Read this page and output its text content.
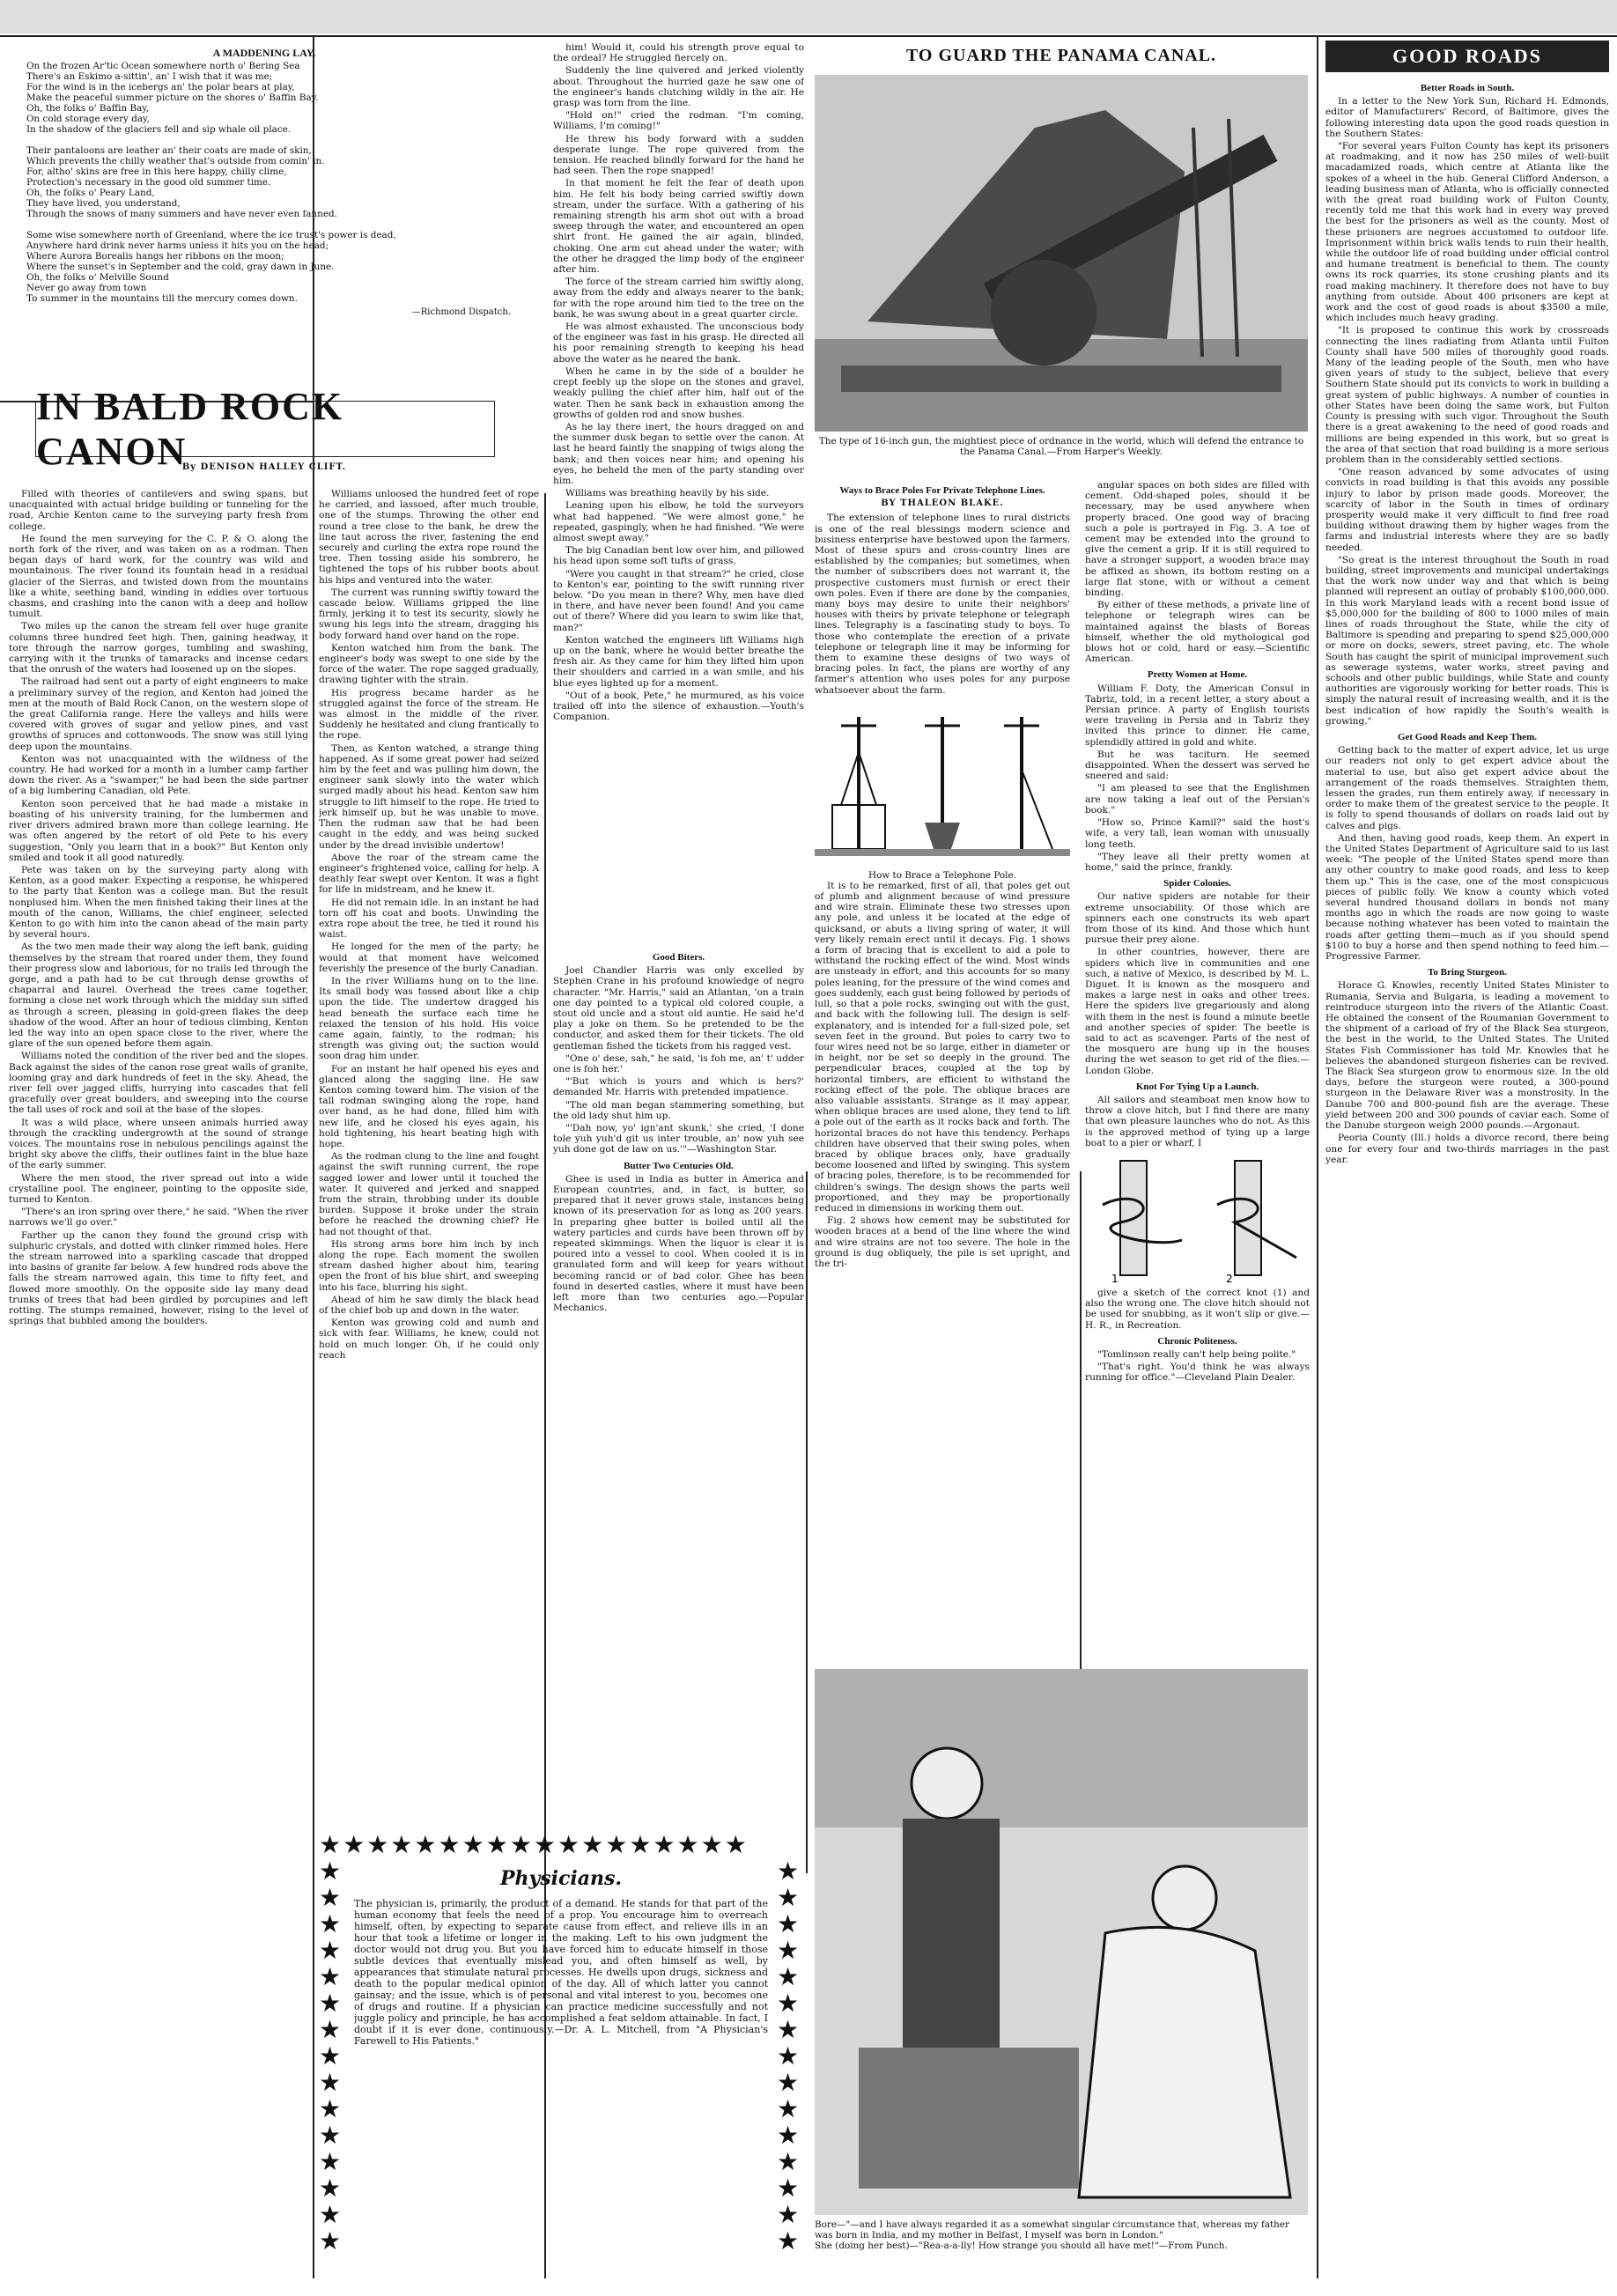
A MADDENING LAY.
On the frozen Ar'tic Ocean somewhere north o' Bering Sea
There's an Eskimo a-sittin', an' I wish that it was me;
For the wind is in the icebergs an' the polar bears at play,
Make the peaceful summer picture on the shores o' Baffin Bay.
Oh, the folks o' Baffin Bay,
On cold storage every day,
In the shadow of the glaciers fell and sip whale oil place.

Their pantaloons are leather an' their coats are made of skin,
Which prevents the chilly weather that's outside from comin' in.
For, altho' skins are free in this here happy, chilly clime,
Protection's necessary in the good old summer time.
Oh, the folks o' Peary Land,
They have lived, you understand,
Through the snows of many summers and have never even fanned.

Some wise somewhere north of Greenland, where the ice trust's power is dead,
Anywhere hard drink never harms unless it hits you on the head;
Where Aurora Borealis hangs her ribbons on the moon;
Where the sunset's in September and the cold, gray dawn in June.
Oh, the folks o' Melville Sound
Never go away from town
To summer in the mountains till the mercury comes down.
—Richmond Dispatch.
IN BALD ROCK CANON
By DENISON HALLEY CLIFT.

Filled with theories of cantilevers and swing spans, but unacquainted with actual bridge building or tunneling for the road, Archie Kenton came to the surveying party fresh from college.

He found the men surveying for the C. P. & O. along the north fork of the river, and was taken on as a rodman. Then began days of hard work, for the country was wild and mountainous. The river found its fountain head in a residual glacier of the Sierras, and twisted down from the mountains like a white, seething band, winding in eddies over tortuous chasms, and crashing into the canon with a deep and hollow tumult.

Two miles up the canon the stream fell over huge granite columns three hundred feet high. Then, gaining headway, it tore through the narrow gorges, tumbling and swashing, carrying with it the trunks of tamaracks and incense cedars that the onrush of the waters had loosened up on the slopes.

The railroad had sent out a party of eight engineers to make a preliminary survey of the region, and Kenton had joined the men at the mouth of Bald Rock Canon, on the western slope of the great California range. Here the valleys and hills were covered with groves of sugar and yellow pines, and vast growths of spruces and cottonwoods. The snow was still lying deep upon the mountains.

Kenton was not unacquainted with the wildness of the country. He had worked for a month in a lumber camp farther down the river. As a "swamper," he had been the side partner of a big lumbering Canadian, old Pete.

Kenton soon perceived that he had made a mistake in boasting of his university training, for the lumbermen and river drivers admired brawn more than college learning. He was often angered by the retort of old Pete to his every suggestion, "Only you learn that in a book?" But Kenton only smiled and took it all good naturedly.

Pete was taken on by the surveying party along with Kenton, as a good maker. Expecting a response, he whispered to the party that Kenton was a college man. But the result nonplused him. When the men finished taking their lines at the mouth of the canon, Williams, the chief engineer, selected Kenton to go with him into the canon ahead of the main party by several hours.

As the two men made their way along the left bank, guiding themselves by the stream that roared under them, they found their progress slow and laborious, for no trails led through the gorge, and a path had to be cut through dense growths of chaparral and laurel. Overhead the trees came together, forming a close net work through which the midday sun sifted as through a screen, pleasing in gold-green flakes the deep shadow of the wood. After an hour of tedious climbing, Kenton led the way into an open space close to the river, where the glare of the sun opened before them again.

Williams noted the condition of the river bed and the slopes. Back against the sides of the canon rose great walls of granite, looming gray and dark hundreds of feet in the sky. Ahead, the river fell over jagged cliffs, hurrying into cascades that fell gracefully over great boulders, and sweeping into the course the tall uses of rock and soil at the base of the slopes.

It was a wild place, where unseen animals hurried away through the crackling undergrowth at the sound of strange voices. The mountains rose in nebulous pencilings against the bright sky above the cliffs, their outlines faint in the blue haze of the early summer.

Where the men stood, the river spread out into a wide crystalline pool. The engineer, pointing to the opposite side, turned to Kenton.

"There's an iron spring over there," he said. "When the river narrows we'll go over."

Farther up the canon they found the ground crisp with sulphuric crystals, and dotted with clinker rimmed holes. Here the stream narrowed into a sparkling cascade that dropped into basins of granite far below. A few hundred rods above the falls the stream narrowed again, this time to fifty feet, and flowed more smoothly. On the opposite side lay many dead trunks of trees that had been girdled by porcupines and left rotting. The stumps remained, however, rising to the level of springs that bubbled among the boulders.

Williams unloosed the hundred feet of rope he carried, and lassoed, after much trouble, one of the stumps. Throwing the other end round a tree close to the bank, he drew the line taut across the river, fastening the end securely and curling the extra rope round the tree. Then tossing aside his sombrero, he tightened the tops of his rubber boots about his hips and ventured into the water.

The current was running swiftly toward the cascade below. Williams gripped the line firmly, jerking it to test its security, slowly he swung his legs into the stream, dragging his body forward hand over hand on the rope.

Kenton watched him from the bank. The engineer's body was swept to one side by the force of the water. The rope sagged gradually, drawing tighter with the strain.

His progress became harder as he struggled against the force of the stream. He was almost in the middle of the river. Suddenly he hesitated and clung frantically to the rope.

Then, as Kenton watched, a strange thing happened. As if some great power had seized him by the feet and was pulling him down, the engineer sank slowly into the water which surged madly about his head. Kenton saw him struggle to lift himself to the rope. He tried to jerk himself up, but he was unable to move. Then the rodman saw that he had been caught in the eddy, and was being sucked under by the dread invisible undertow!

Above the roar of the stream came the engineer's frightened voice, calling for help. A deathly fear swept over Kenton. It was a fight for life in midstream, and he knew it.

He did not remain idle. In an instant he had torn off his coat and boots. Unwinding the extra rope about the tree, he tied it round his waist.

He longed for the men of the party; he would at that moment have welcomed feverishly the presence of the burly Canadian.

In the river Williams hung on to the line. Its small body was tossed about like a chip upon the tide. The undertow dragged his head beneath the surface each time he relaxed the tension of his hold. His voice came again, faintly, to the rodman; his strength was giving out; the suction would soon drag him under.

For an instant he half opened his eyes and glanced along the sagging line. He saw Kenton coming toward him. The vision of the tall rodman swinging along the rope, hand over hand, as he had done, filled him with new life, and he closed his eyes again, his hold tightening, his heart beating high with hope.

As the rodman clung to the line and fought against the swift running current, the rope sagged lower and lower until it touched the water. It quivered and jerked and snapped from the strain, throbbing under its double burden. Suppose it broke under the strain before he reached the drowning chief? He had not thought of that.

His strong arms bore him inch by inch along the rope. Each moment the swollen stream dashed higher about him, tearing open the front of his blue shirt, and sweeping into his face, blurring his sight.

Ahead of him he saw dimly the black head of the chief bob up and down in the water.

Kenton was growing cold and numb and sick with fear. Williams, he knew, could not hold on much longer. Oh, if he could only reach

him! Would it, could his strength prove equal to the ordeal? He struggled fiercely on.

Suddenly the line quivered and jerked violently about. Throughout the hurried gaze he saw one of the engineer's hands clutching wildly in the air. He grasp was torn from the line.

"Hold on!" cried the rodman. "I'm coming, Williams, I'm coming!"

He threw his body forward with a sudden desperate lunge. The rope quivered from the tension. He reached blindly forward for the hand he had seen. Then the rope snapped!

In that moment he felt the fear of death upon him. He felt his body being carried swiftly down stream, under the surface. With a gathering of his remaining strength his arm shot out with a broad sweep through the water, and encountered an open shirt front. He gained the air again, blinded, choking. One arm cut ahead under the water; with the other he dragged the limp body of the engineer after him.

The force of the stream carried him swiftly along, away from the eddy and always nearer to the bank; for with the rope around him tied to the tree on the bank, he was swung about in a great quarter circle.

He was almost exhausted. The unconscious body of the engineer was fast in his grasp. He directed all his poor remaining strength to keeping his head above the water as he neared the bank.

When he came in by the side of a boulder he crept feebly up the slope on the stones and gravel, weakly pulling the chief after him, half out of the water. Then he sank back in exhaustion among the growths of golden rod and snow bushes.

As he lay there inert, the hours dragged on and the summer dusk began to settle over the canon. At last he heard faintly the snapping of twigs along the bank; and then voices near him; and opening his eyes, he beheld the men of the party standing over him.

Williams was breathing heavily by his side.

Leaning upon his elbow, he told the surveyors what had happened. "We were almost gone," he repeated, gaspingly, when he had finished. "We were almost swept away."

The big Canadian bent low over him, and pillowed his head upon some soft tufts of grass.

"Were you caught in that stream?" he cried, close to Kenton's ear, pointing to the swift running river below. "Do you mean in there? Why, men have died in there, and have never been found! And you came out of there? Where did you learn to swim like that, man?"

Kenton watched the engineers lift Williams high up on the bank, where he would better breathe the fresh air. As they came for him they lifted him upon their shoulders and carried in a wan smile, and his blue eyes lighted up for a moment.

"Out of a book, Pete," he murmured, as his voice trailed off into the silence of exhaustion.—Youth's Companion.

Good Biters.

Joel Chandler Harris was only excelled by Stephen Crane in his profound knowledge of negro character. "Mr. Harris," said an Atlantan, 'on a train one day pointed to a typical old colored couple, a stout old uncle and a stout old auntie. He said he'd play a joke on them. So he pretended to be the conductor, and asked them for their tickets. The old gentleman fished the tickets from his ragged vest.

"One o' dese, sah," he said, 'is foh me, an' t' udder one is foh her.'

"'But which is yours and which is hers?' demanded Mr. Harris with pretended impatience.

"The old man began stammering something, but the old lady shut him up.

"'Dah now, yo' ign'ant skunk,' she cried, 'I done tole yuh yuh'd git us inter trouble, an' now yuh see yuh done got de law on us.'"—Washington Star.

Butter Two Centuries Old.

Ghee is used in India as butter in America and European countries, and, in fact, is butter, so prepared that it never grows stale, instances being known of its preservation for as long as 200 years. In preparing ghee butter is boiled until all the watery particles and curds have been thrown off by repeated skimmings. When the liquor is clear it is poured into a vessel to cool. When cooled it is in granulated form and will keep for years without becoming rancid or of bad color. Ghee has been found in deserted castles, where it must have been left more than two centuries ago.—Popular Mechanics.

★★★★★★★★★★★★★★★★★★
★
★
★
★
★
★
★
★
★
★
★
★
★
★
★
★
★
★
★
★
★
★
★
★
★
★
★
★
★
★
Physicians.
The physician is, primarily, the product of a demand. He stands for that part of the human economy that feels the need of a prop. You encourage him to overreach himself, often, by expecting to separate cause from effect, and relieve ills in an hour that took a lifetime or longer in the making. Left to his own judgment the doctor would not drug you. But you have forced him to educate himself in those subtle devices that eventually mislead you, and often himself as well, by appearances that stimulate natural processes. He dwells upon drugs, sickness and death to the popular medical opinion of the day. All of which latter you cannot gainsay; and the issue, which is of personal and vital interest to you, becomes one of drugs and routine. If a physician can practice medicine successfully and not juggle policy and principle, he has accomplished a feat seldom attainable. In fact, I doubt if it is ever done, continuously.—Dr. A. L. Mitchell, from "A Physician's Farewell to His Patients."
TO GUARD THE PANAMA CANAL.
The type of 16-inch gun, the mightiest piece of ordnance in the world, which will defend the entrance to the Panama Canal.—From Harper's Weekly.
Ways to Brace Poles For Private Telephone Lines.
BY THALEON BLAKE.

The extension of telephone lines to rural districts is one of the real blessings modern science and business enterprise have bestowed upon the farmers. Most of these spurs and cross-country lines are established by the companies; but sometimes, when the number of subscribers does not warrant it, the prospective customers must furnish or erect their own poles. Even if there are done by the companies, many boys may desire to unite their neighbors' houses with theirs by private telephone or telegraph lines. Telegraphy is a fascinating study to boys. To those who contemplate the erection of a private telephone or telegraph line it may be informing for them to examine these designs of two ways of bracing poles. In fact, the plans are worthy of any farmer's attention who uses poles for any purpose whatsoever about the farm.

How to Brace a Telephone Pole.

It is to be remarked, first of all, that poles get out of plumb and alignment because of wind pressure and wire strain. Eliminate these two stresses upon any pole, and unless it be located at the edge of quicksand, or abuts a living spring of water, it will very likely remain erect until it decays. Fig. 1 shows a form of bracing that is excellent to aid a pole to withstand the rocking effect of the wind. Most winds are unsteady in effort, and this accounts for so many poles leaning, for the pressure of the wind comes and goes suddenly, each gust being followed by periods of lull, so that a pole rocks, swinging out with the gust, and back with the following lull. The design is self-explanatory, and is intended for a full-sized pole, set seven feet in the ground. But poles to carry two to four wires need not be so large, either in diameter or in height, nor be set so deeply in the ground. The perpendicular braces, coupled at the top by horizontal timbers, are efficient to withstand the rocking effect of the pole. The oblique braces are also valuable assistants. Strange as it may appear, when oblique braces are used alone, they tend to lift a pole out of the earth as it rocks back and forth. The horizontal braces do not have this tendency. Perhaps children have observed that their swing poles, when braced by oblique braces only, have gradually become loosened and lifted by swinging. This system of bracing poles, therefore, is to be recommended for children's swings. The design shows the parts well proportioned, and they may be proportionally reduced in dimensions in working them out.

Fig. 2 shows how cement may be substituted for wooden braces at a bend of the line where the wind and wire strains are not too severe. The hole in the ground is dug obliquely, the pile is set upright, and the tri-

angular spaces on both sides are filled with cement. Odd-shaped poles, should it be necessary, may be used anywhere when properly braced. One good way of bracing such a pole is portrayed in Fig. 3. A toe of cement may be extended into the ground to give the cement a grip. If it is still required to have a stronger support, a wooden brace may be affixed as shown, its bottom resting on a large flat stone, with or without a cement binding.

By either of these methods, a private line of telephone or telegraph wires can be maintained against the blasts of Boreas himself, whether the old mythological god blows hot or cold, hard or easy.—Scientific American.

Pretty Women at Home.

William F. Doty, the American Consul in Tabriz, told, in a recent letter, a story about a Persian prince. A party of English tourists were traveling in Persia and in Tabriz they invited this prince to dinner. He came, splendidly attired in gold and white.

But he was taciturn. He seemed disappointed. When the dessert was served he sneered and said:

"I am pleased to see that the Englishmen are now taking a leaf out of the Persian's book."

"How so, Prince Kamil?" said the host's wife, a very tall, lean woman with unusually long teeth.

"They leave all their pretty women at home," said the prince, frankly.

Spider Colonies.

Our native spiders are notable for their extreme unsociability. Of those which are spinners each one constructs its web apart from those of its kind. And those which hunt pursue their prey alone.

In other countries, however, there are spiders which live in communities and one such, a native of Mexico, is described by M. L. Diguet. It is known as the mosquero and makes a large nest in oaks and other trees. Here the spiders live gregariously and along with them in the nest is found a minute beetle and another species of spider. The beetle is said to act as scavenger. Parts of the nest of the mosquero are hung up in the houses during the wet season to get rid of the flies.—London Globe.

Knot For Tying Up a Launch.

All sailors and steamboat men know how to throw a clove hitch, but I find there are many that own pleasure launches who do not. As this is the approved method of tying up a large boat to a pier or wharf, I

1	2

give a sketch of the correct knot (1) and also the wrong one. The clove hitch should not be used for snubbing, as it won't slip or give.—H. R., in Recreation.

Chronic Politeness.

"Tomlinson really can't help being polite."

"That's right. You'd think he was always running for office."—Cleveland Plain Dealer.

Bore—"—and I have always regarded it as a somewhat singular circumstance that, whereas my father was born in India, and my mother in Belfast, I myself was born in London."
She (doing her best)—"Rea-a-a-lly! How strange you should all have met!"—From Punch.
GOOD ROADS
Better Roads in South.

In a letter to the New York Sun, Richard H. Edmonds, editor of Manufacturers' Record, of Baltimore, gives the following interesting data upon the good roads question in the Southern States:

"For several years Fulton County has kept its prisoners at roadmaking, and it now has 250 miles of well-built macadamized roads, which centre at Atlanta like the spokes of a wheel in the hub. General Clifford Anderson, a leading business man of Atlanta, who is officially connected with the great road building work of Fulton County, recently told me that this work had in every way proved the best for the prisoners as well as the county. Most of these prisoners are negroes accustomed to outdoor life. Imprisonment within brick walls tends to ruin their health, while the outdoor life of road building under official control and humane treatment is beneficial to them. The county owns its rock quarries, its stone crushing plants and its road making machinery. It therefore does not have to buy anything from outside. About 400 prisoners are kept at work and the cost of good roads is about $3500 a mile, which includes much heavy grading.

"It is proposed to continue this work by crossroads connecting the lines radiating from Atlanta until Fulton County shall have 500 miles of thoroughly good roads. Many of the leading people of the South, men who have given years of study to the subject, believe that every Southern State should put its convicts to work in building a great system of public highways. A number of counties in other States have been doing the same work, but Fulton County is pressing with such vigor. Throughout the South there is a great awakening to the need of good roads and millions are being expended in this work, but so great is the area of that section that road building is a more serious problem than in the considerably settled sections.

"One reason advanced by some advocates of using convicts in road building is that this avoids any possible injury to labor by prison made goods. Moreover, the scarcity of labor in the South in times of ordinary prosperity would make it very difficult to find free road building without drawing them by higher wages from the farms and industrial interests where they are so badly needed.

"So great is the interest throughout the South in road building, street improvements and municipal undertakings that the work now under way and that which is being planned will represent an outlay of probably $100,000,000. In this work Maryland leads with a recent bond issue of $5,000,000 for the building of 800 to 1000 miles of main lines of roads throughout the State, while the city of Baltimore is spending and preparing to spend $25,000,000 or more on docks, sewers, street paving, etc. The whole South has caught the spirit of municipal improvement such as sewerage systems, water works, street paving and schools and other public buildings, while State and county authorities are vigorously working for better roads. This is simply the natural result of increasing wealth, and it is the best indication of how rapidly the South's wealth is growing."

Get Good Roads and Keep Them.

Getting back to the matter of expert advice, let us urge our readers not only to get expert advice about the material to use, but also get expert advice about the arrangement of the roads themselves. Straighten them, lessen the grades, run them entirely away, if necessary in order to make them of the greatest service to the people. It is folly to spend thousands of dollars on roads laid out by calves and pigs.

And then, having good roads, keep them. An expert in the United States Department of Agriculture said to us last week: "The people of the United States spend more than any other country to make good roads, and less to keep them up." This is the case, one of the most conspicuous pieces of public folly. We know a county which voted several hundred thousand dollars in bonds not many months ago in which the roads are now going to waste because nothing whatever has been voted to maintain the roads after getting them—much as if you should spend $100 to buy a horse and then spend nothing to feed him.—Progressive Farmer.

To Bring Sturgeon.

Horace G. Knowles, recently United States Minister to Rumania, Servia and Bulgaria, is leading a movement to reintroduce sturgeon into the rivers of the Atlantic Coast. He obtained the consent of the Roumanian Government to the shipment of a carload of fry of the Black Sea sturgeon, the best in the world, to the United States. The United States Fish Commissioner has told Mr. Knowles that he believes the abandoned sturgeon fisheries can be revived. The Black Sea sturgeon grow to enormous size. In the old days, before the sturgeon were routed, a 300-pound sturgeon in the Delaware River was a monstrosity. In the Danube 700 and 800-pound fish are the average. These yield between 200 and 300 pounds of caviar each. Some of the Danube sturgeon weigh 2000 pounds.—Argonaut.

Peoria County (Ill.) holds a divorce record, there being one for every four and two-thirds marriages in the past year.
